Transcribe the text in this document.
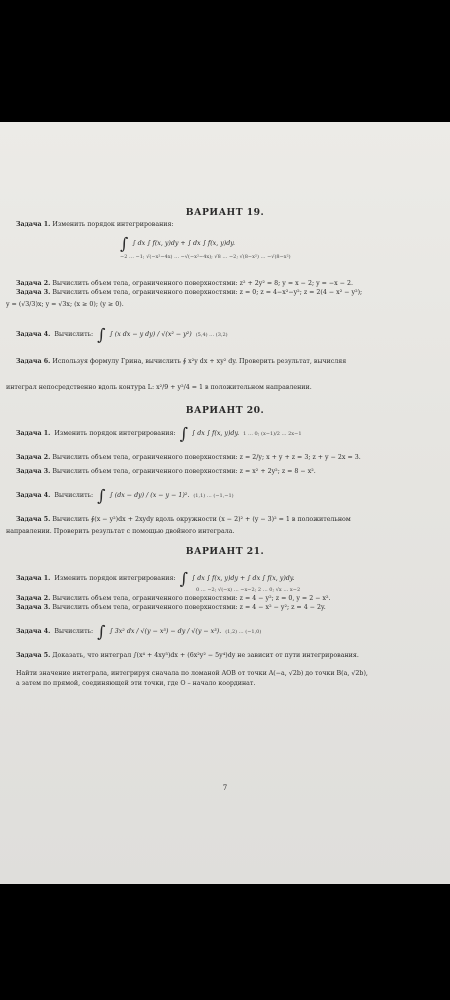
ВАРИАНТ 19.
Задача 1. Изменить порядок интегрирования:
∫ ∫ dx ∫ f(x, y)dy + ∫ dx ∫ f(x, y)dy.
−2 … −1; √(−x²−4x) … −√(−x²−4x); √8 … −2; √(8−x²) … −√(8−x²)
Задача 2. Вычислить объем тела, ограниченного поверхностями: z² + 2y² = 8; y = x − 2; y = −x − 2.
Задача 3. Вычислить объем тела, ограниченного поверхностями: z = 0; z = 4−x²−y²; z = 2(4 − x² − y²);
y = (√3/3)x; y = √3x; (x ≥ 0); (y ≥ 0).
Задача 4. Вычислить: ∫ ∫ (x dx − y dy) / √(x² − y²) (5,4) … (3,2)
Задача 6. Используя формулу Грина, вычислить ∮ x²y dx + xy² dy. Проверить результат, вычисляя
интеграл непосредственно вдоль контура L: x²/9 + y²/4 = 1 в положительном направлении.
ВАРИАНТ 20.
Задача 1. Изменить порядок интегрирования: ∫ ∫ dx ∫ f(x, y)dy. 1 … 0; (x−1)/2 … 2x−1
Задача 2. Вычислить объем тела, ограниченного поверхностями: z = 2/y; x + y + z = 3; z + y − 2x = 3.
Задача 3. Вычислить объем тела, ограниченного поверхностями: z = x² + 2y²; z = 8 − x².
Задача 4. Вычислить: ∫ ∫ (dx − dy) / (x − y − 1)². (1,1) … (−1,−1)
Задача 5. Вычислить ∮(x − y²)dx + 2xydy вдоль окружности (x − 2)² + (y − 3)² = 1 в положительном
направлении. Проверить результат с помощью двойного интеграла.
ВАРИАНТ 21.
Задача 1. Изменить порядок интегрирования: ∫ ∫ dx ∫ f(x, y)dy + ∫ dx ∫ f(x, y)dy.
0 … −2; √(−x) … −x−2; 2 … 0; √x … x−2
Задача 2. Вычислить объем тела, ограниченного поверхностями: z = 4 − y²; z = 0, y = 2 − x².
Задача 3. Вычислить объем тела, ограниченного поверхностями: z = 4 − x² − y²; z = 4 − 2y.
Задача 4. Вычислить: ∫ ∫ 3x² dx / √(y − x³) − dy / √(y − x³). (1,2) … (−1,0)
Задача 5. Доказать, что интеграл ∫(x⁴ + 4xy³)dx + (6x²y² − 5y⁴)dy не зависит от пути интегрирования.
Найти значение интеграла, интегрируя сначала по ломаной AOB от точки A(−a, √2b) до точки B(a, √2b),
а затем по прямой, соединяющей эти точки, где O – начало координат.
7
